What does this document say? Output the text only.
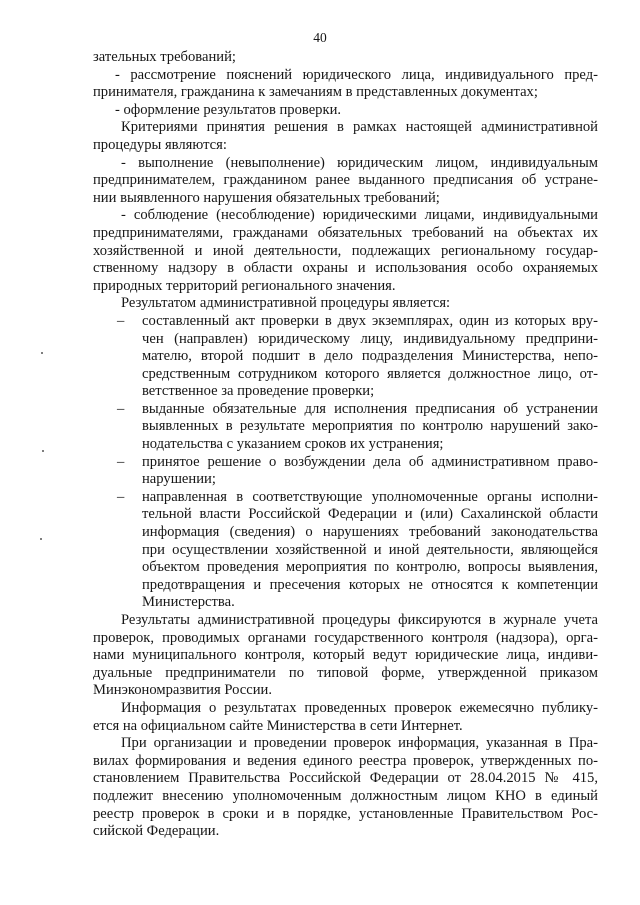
40
зательных требований;
- рассмотрение пояснений юридического лица, индивидуального пред-
принимателя, гражданина к замечаниям в представленных документах;
- оформление результатов проверки.
Критериями принятия решения в рамках настоящей административной
процедуры являются:
- выполнение (невыполнение) юридическим лицом, индивидуальным
предпринимателем, гражданином ранее выданного предписания об устране-
нии выявленного нарушения обязательных требований;
- соблюдение (несоблюдение) юридическими лицами, индивидуальными
предпринимателями, гражданами обязательных требований на объектах их
хозяйственной и иной деятельности, подлежащих региональному государ-
ственному надзору в области охраны и использования особо охраняемых
природных территорий регионального значения.
Результатом административной процедуры является:
–	составленный акт проверки в двух экземплярах, один из которых вру-
чен (направлен) юридическому лицу, индивидуальному предприни-
мателю, второй подшит в дело подразделения Министерства, непо-
средственным сотрудником которого является должностное лицо, от-
ветственное за проведение проверки;
–	выданные обязательные для исполнения предписания об устранении
выявленных в результате мероприятия по контролю нарушений зако-
нодательства с указанием сроков их устранения;
–	принятое решение о возбуждении дела об административном право-
нарушении;
–	направленная в соответствующие уполномоченные органы исполни-
тельной власти Российской Федерации и (или) Сахалинской области
информация (сведения) о нарушениях требований законодательства
при осуществлении хозяйственной и иной деятельности, являющейся
объектом проведения мероприятия по контролю, вопросы выявления,
предотвращения и пресечения которых не относятся к компетенции
Министерства.
Результаты административной процедуры фиксируются в журнале учета
проверок, проводимых органами государственного контроля (надзора), орга-
нами муниципального контроля, который ведут юридические лица, индиви-
дуальные предприниматели по типовой форме, утвержденной приказом
Минэкономразвития России.
Информация о результатах проведенных проверок ежемесячно публику-
ется на официальном сайте Министерства в сети Интернет.
При организации и проведении проверок информация, указанная в Пра-
вилах формирования и ведения единого реестра проверок, утвержденных по-
становлением Правительства Российской Федерации от 28.04.2015 № 415,
подлежит внесению уполномоченным должностным лицом КНО в единый
реестр проверок в сроки и в порядке, установленные Правительством Рос-
сийской Федерации.
